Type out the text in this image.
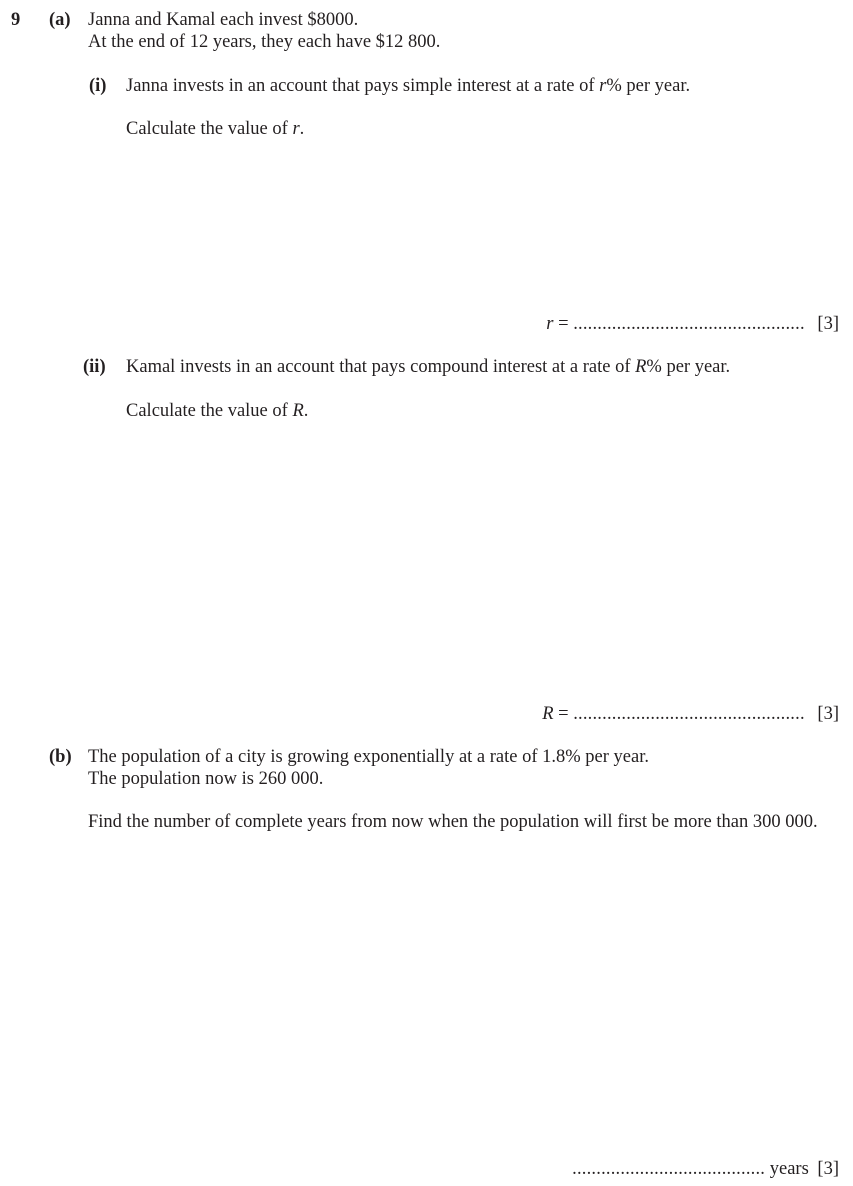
9 (a) Janna and Kamal each invest $8000.
At the end of 12 years, they each have $12 800.
(i) Janna invests in an account that pays simple interest at a rate of r% per year.
Calculate the value of r.
r = ................................................ [3]
(ii) Kamal invests in an account that pays compound interest at a rate of R% per year.
Calculate the value of R.
R = ................................................ [3]
(b) The population of a city is growing exponentially at a rate of 1.8% per year.
The population now is 260 000.
Find the number of complete years from now when the population will first be more than 300 000.
........................................ years [3]
